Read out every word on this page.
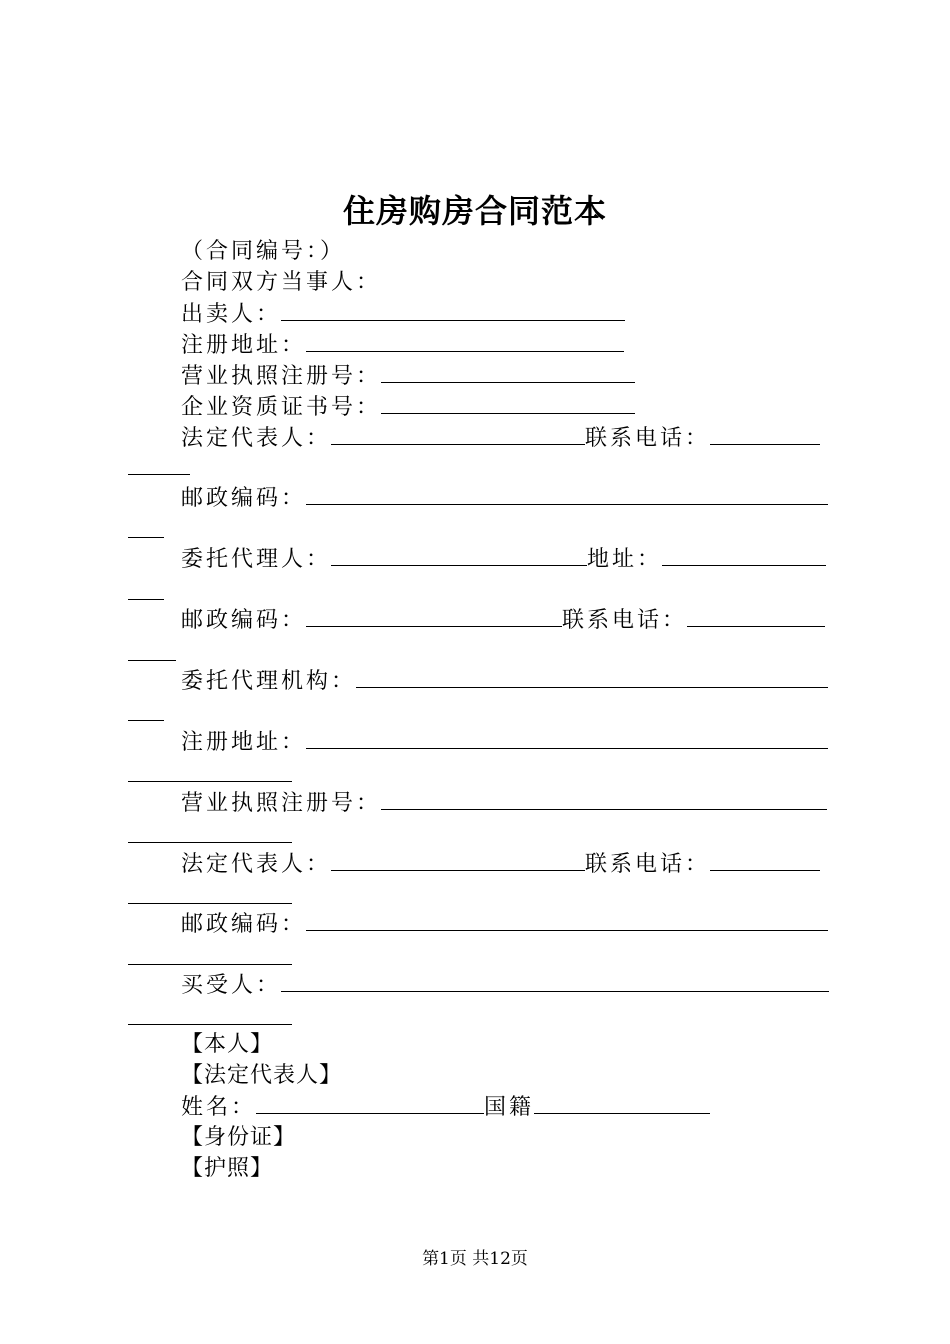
住房购房合同范本
（合同编号：）
合同双方当事人：
出卖人：
注册地址：
营业执照注册号：
企业资质证书号：
法定代表人：	联系电话：
邮政编码：
委托代理人：	地址：
邮政编码：	联系电话：
委托代理机构：
注册地址：
营业执照注册号：
法定代表人：	联系电话：
邮政编码：
买受人：
【本人】
【法定代表人】
姓名：	国籍
【身份证】
【护照】
第1页 共12页
